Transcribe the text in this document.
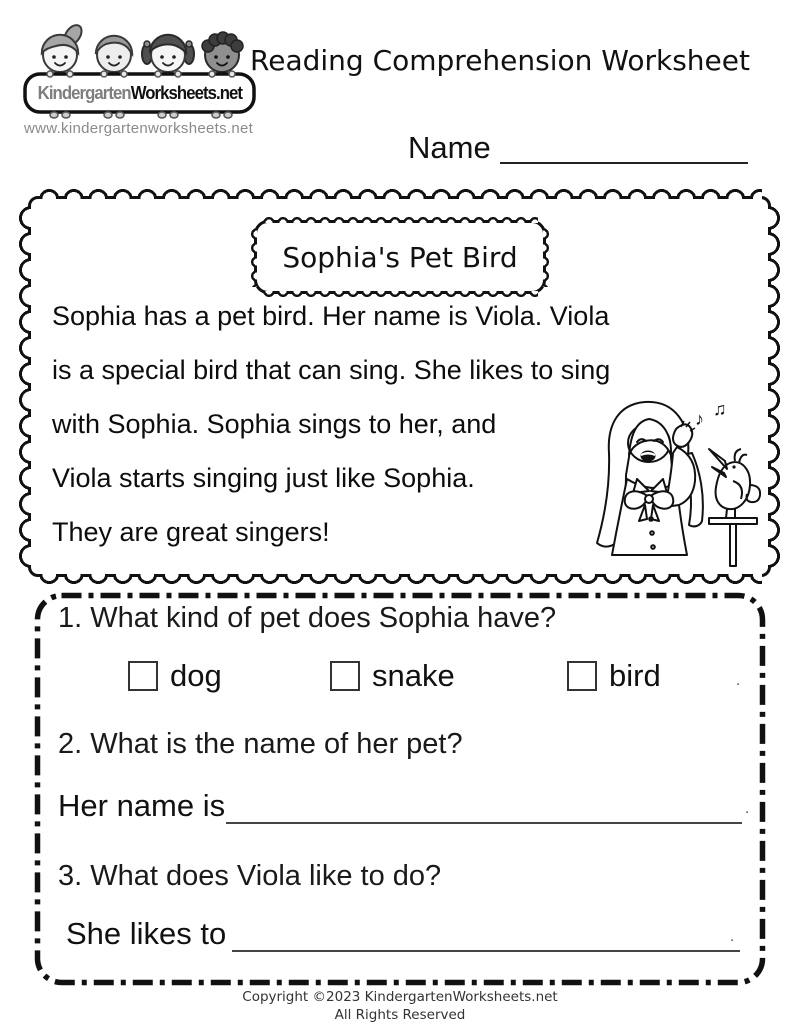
KindergartenWorksheets.net
www.kindergartenworksheets.net
Reading Comprehension Worksheet
Name
Sophia's Pet Bird
Sophia has a pet bird. Her name is Viola. Viola
is a special bird that can sing. She likes to sing
with Sophia. Sophia sings to her, and
Viola starts singing just like Sophia.
They are great singers!
♪ ♫
1. What kind of pet does Sophia have?
dog	snake	bird	.
2. What is the name of her pet?
Her name is	.
3. What does Viola like to do?
She likes to	.
Copyright ©2023 KindergartenWorksheets.net
All Rights Reserved
